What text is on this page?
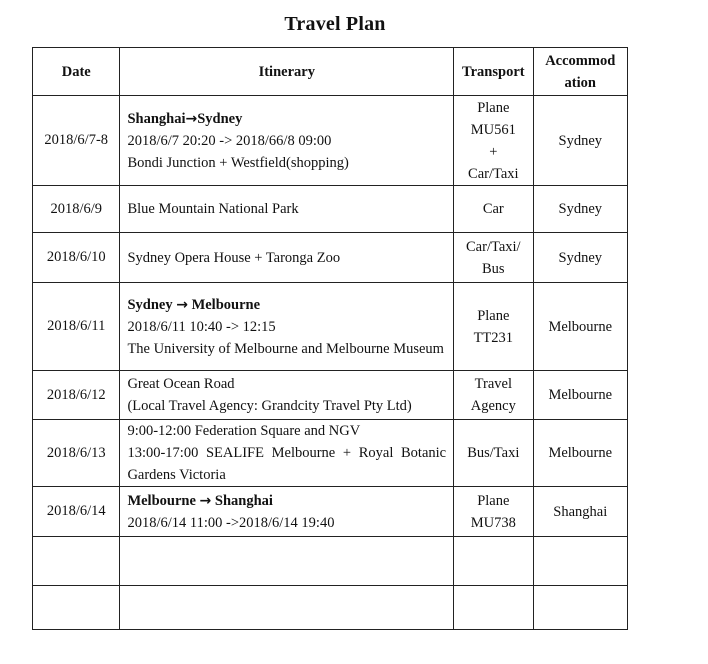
Travel Plan
Date	Itinerary	Transport	Accommod
ation

2018/6/7-8	Shanghai→Sydney
2018/6/7 20:20 -> 2018/66/8 09:00
Bondi Junction + Westfield(shopping)	Plane
MU561
+
Car/Taxi	Sydney
2018/6/9	Blue Mountain National Park	Car	Sydney
2018/6/10	Sydney Opera House + Taronga Zoo	Car/Taxi/
Bus	Sydney
2018/6/11	Sydney → Melbourne
2018/6/11 10:40 -> 12:15
The University of Melbourne and Melbourne Museum	Plane
TT231	Melbourne
2018/6/12	Great Ocean Road
(Local Travel Agency: Grandcity Travel Pty Ltd)	Travel
Agency	Melbourne
2018/6/13	9:00-12:00 Federation Square and NGV
13:00-17:00 SEALIFE Melbourne + Royal Botanic Gardens Victoria	Bus/Taxi	Melbourne
2018/6/14	Melbourne → Shanghai
2018/6/14 11:00 ->2018/6/14 19:40	Plane
MU738	Shanghai
